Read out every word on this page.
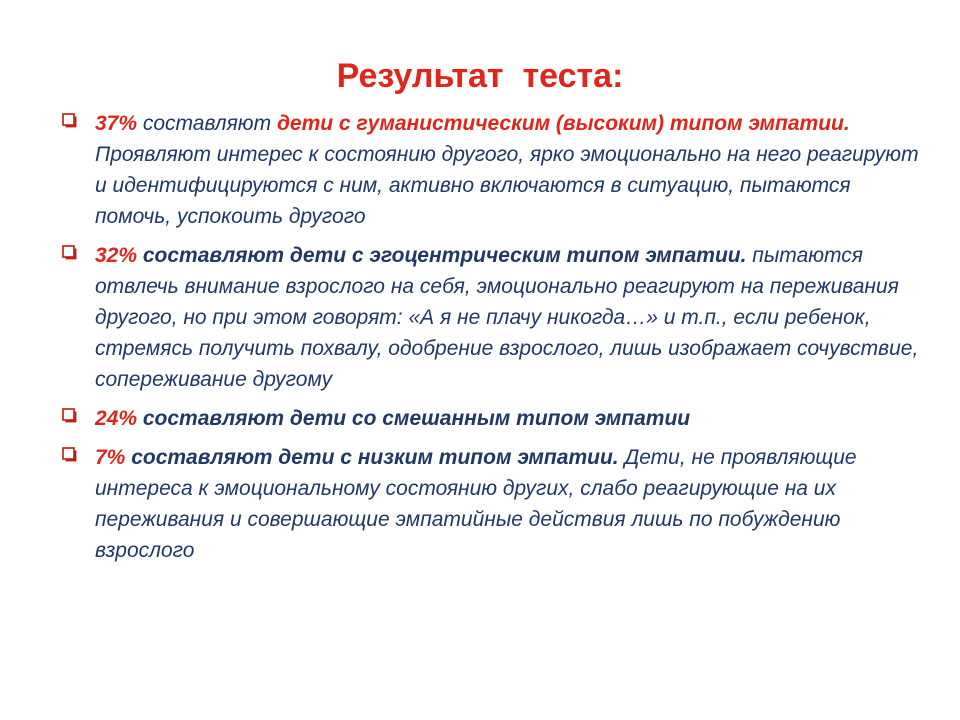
Результат  теста:
37% составляют дети с гуманистическим (высоким) типом эмпатии. Проявляют интерес к состоянию другого, ярко эмоционально на него реагируют и идентифицируются с ним, активно включаются в ситуацию, пытаются помочь, успокоить другого
32% составляют дети с эгоцентрическим типом эмпатии. пытаются отвлечь внимание взрослого на себя, эмоционально реагируют на переживания другого, но при этом говорят: «А я не плачу никогда…» и т.п., если ребенок, стремясь получить похвалу, одобрение взрослого, лишь изображает сочувствие, сопереживание другому
24% составляют дети со смешанным типом эмпатии
7% составляют дети с низким типом эмпатии. Дети, не проявляющие интереса к эмоциональному состоянию других, слабо реагирующие на их переживания и совершающие эмпатийные действия лишь по побуждению взрослого
